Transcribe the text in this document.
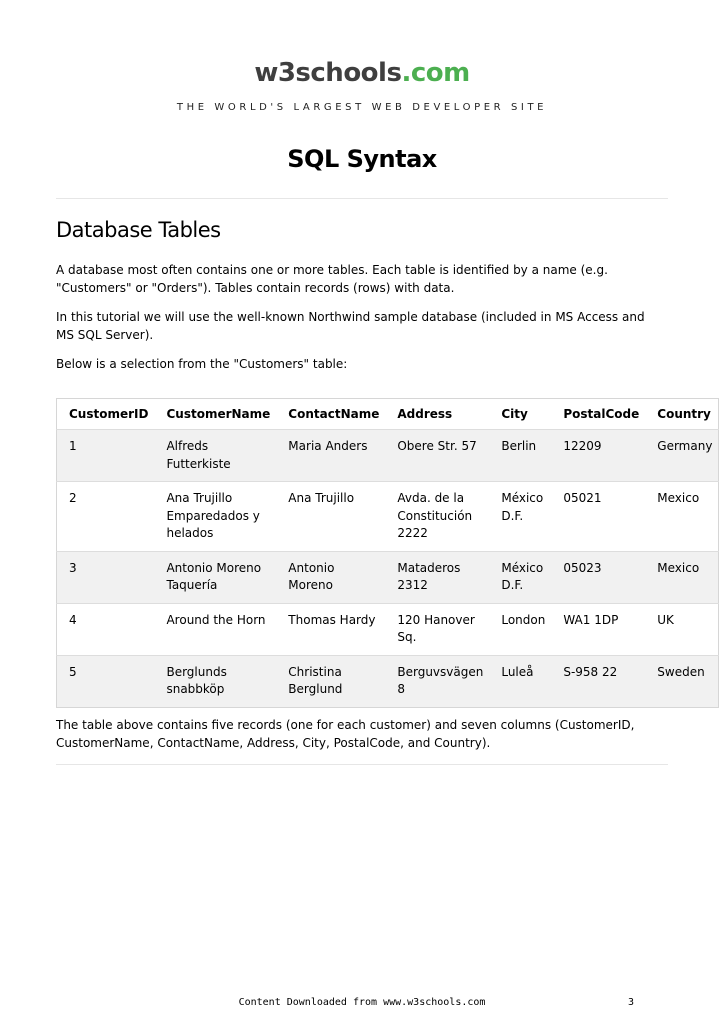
w3schools.com
THE WORLD'S LARGEST WEB DEVELOPER SITE
SQL Syntax
Database Tables

A database most often contains one or more tables. Each table is identified by a name (e.g. "Customers" or "Orders"). Tables contain records (rows) with data.

In this tutorial we will use the well-known Northwind sample database (included in MS Access and MS SQL Server).

Below is a selection from the "Customers" table:

CustomerID	CustomerName	ContactName	Address	City	PostalCode	Country
1	Alfreds Futterkiste	Maria Anders	Obere Str. 57	Berlin	12209	Germany
2	Ana Trujillo Emparedados y helados	Ana Trujillo	Avda. de la Constitución 2222	México D.F.	05021	Mexico
3	Antonio Moreno Taquería	Antonio Moreno	Mataderos 2312	México D.F.	05023	Mexico
4	Around the Horn	Thomas Hardy	120 Hanover Sq.	London	WA1 1DP	UK
5	Berglunds snabbköp	Christina Berglund	Berguvsvägen 8	Luleå	S-958 22	Sweden

The table above contains five records (one for each customer) and seven columns (CustomerID, CustomerName, ContactName, Address, City, PostalCode, and Country).

Content Downloaded from www.w3schools.com	3
